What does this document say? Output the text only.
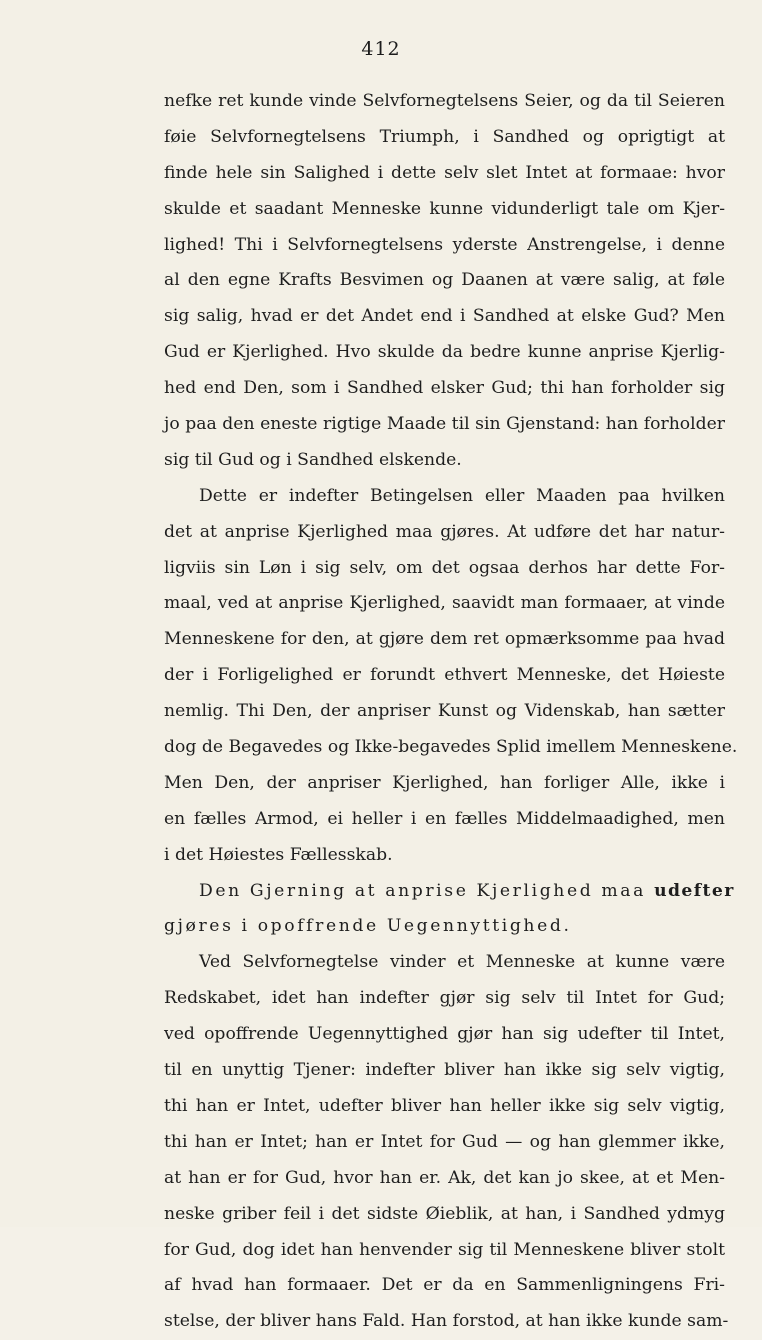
412
nefke ret kunde vinde Selvfornegtelsens Seier, og da til Seieren
føie Selvfornegtelsens Triumph, i Sandhed og oprigtigt at
finde hele sin Salighed i dette selv slet Intet at formaae: hvor
skulde et saadant Menneske kunne vidunderligt tale om Kjer-
lighed! Thi i Selvfornegtelsens yderste Anstrengelse, i denne
al den egne Krafts Besvimen og Daanen at være salig, at føle
sig salig, hvad er det Andet end i Sandhed at elske Gud? Men
Gud er Kjerlighed. Hvo skulde da bedre kunne anprise Kjerlig-
hed end Den, som i Sandhed elsker Gud; thi han forholder sig
jo paa den eneste rigtige Maade til sin Gjenstand: han forholder
sig til Gud og i Sandhed elskende.
Dette er indefter Betingelsen eller Maaden paa hvilken
det at anprise Kjerlighed maa gjøres. At udføre det har natur-
ligviis sin Løn i sig selv, om det ogsaa derhos har dette For-
maal, ved at anprise Kjerlighed, saavidt man formaaer, at vinde
Menneskene for den, at gjøre dem ret opmærksomme paa hvad
der i Forligelighed er forundt ethvert Menneske, det Høieste
nemlig. Thi Den, der anpriser Kunst og Videnskab, han sætter
dog de Begavedes og Ikke-begavedes Splid imellem Menneskene.
Men Den, der anpriser Kjerlighed, han forliger Alle, ikke i
en fælles Armod, ei heller i en fælles Middelmaadighed, men
i det Høiestes Fællesskab.
Den Gjerning at anprise Kjerlighed maa udefter
gjøres i opoffrende Uegennyttighed.
Ved Selvfornegtelse vinder et Menneske at kunne være
Redskabet, idet han indefter gjør sig selv til Intet for Gud;
ved opoffrende Uegennyttighed gjør han sig udefter til Intet,
til en unyttig Tjener: indefter bliver han ikke sig selv vigtig,
thi han er Intet, udefter bliver han heller ikke sig selv vigtig,
thi han er Intet; han er Intet for Gud — og han glemmer ikke,
at han er for Gud, hvor han er. Ak, det kan jo skee, at et Men-
neske griber feil i det sidste Øieblik, at han, i Sandhed ydmyg
for Gud, dog idet han henvender sig til Menneskene bliver stolt
af hvad han formaaer. Det er da en Sammenligningens Fri-
stelse, der bliver hans Fald. Han forstod, at han ikke kunde sam-
